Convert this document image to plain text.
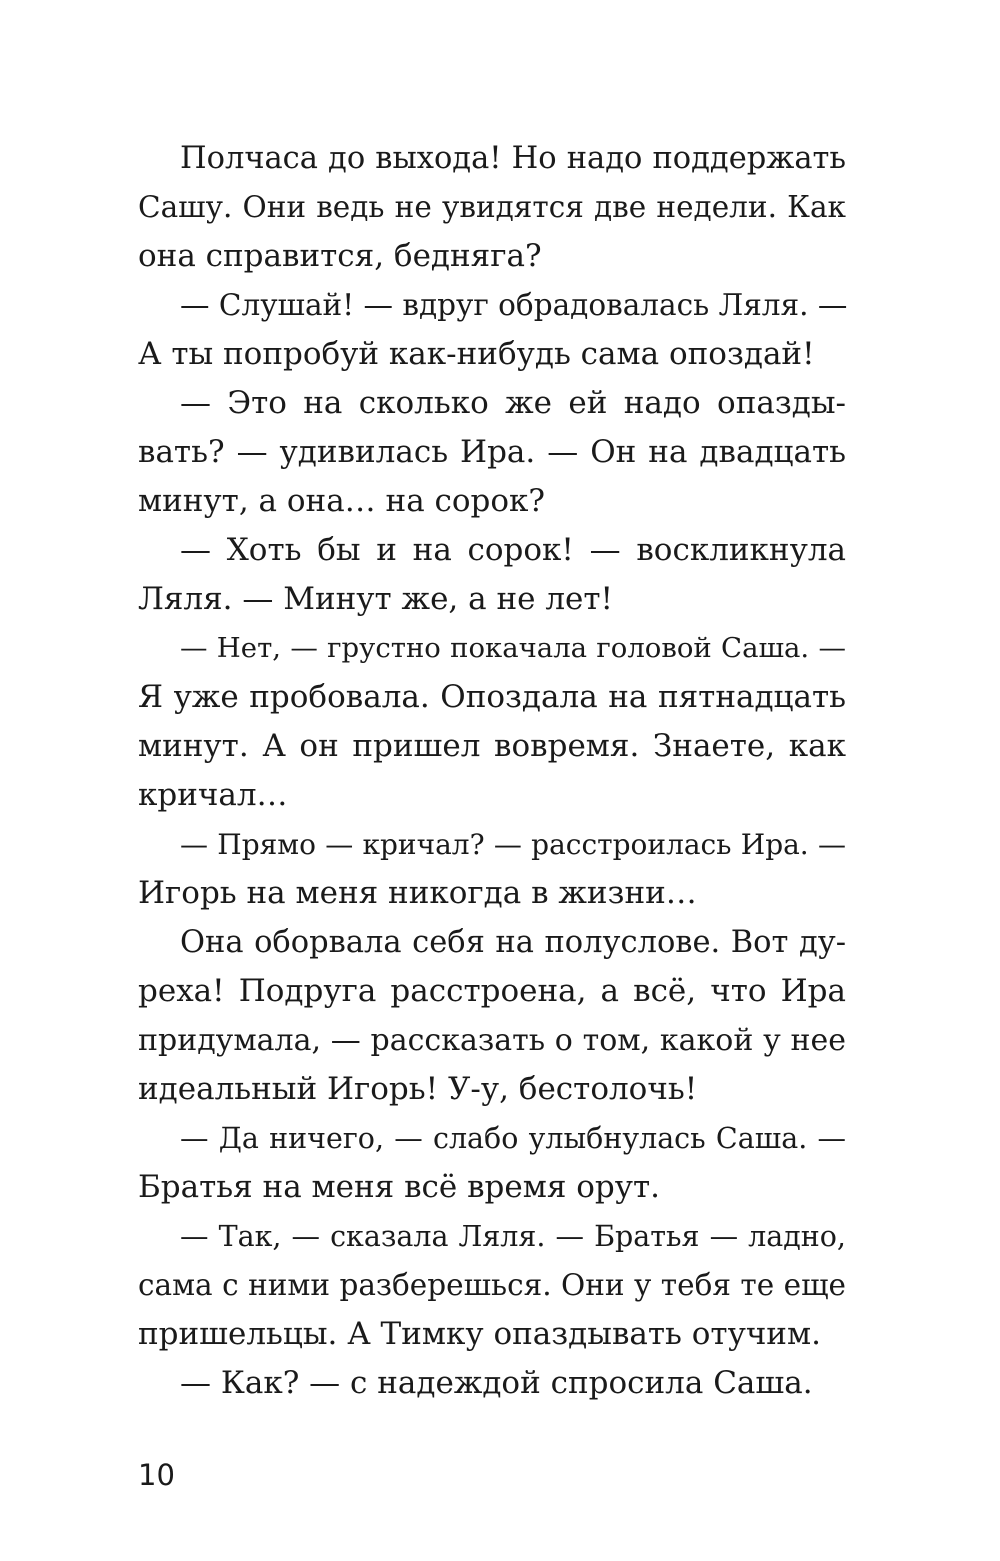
Полчаса до выхода! Но надо поддержать
Сашу. Они ведь не увидятся две недели. Как
она справится, бедняга?
— Слушай! — вдруг обрадовалась Ляля. —
А ты попробуй как-нибудь сама опоздай!
— Это на сколько же ей надо опазды-
вать? — удивилась Ира. — Он на двадцать
минут, а она… на сорок?
— Хоть бы и на сорок! — воскликнула
Ляля. — Минут же, а не лет!
— Нет, — грустно покачала головой Саша. —
Я уже пробовала. Опоздала на пятнадцать
минут. А он пришел вовремя. Знаете, как
кричал…
— Прямо — кричал? — расстроилась Ира. —
Игорь на меня никогда в жизни…
Она оборвала себя на полуслове. Вот ду-
реха! Подруга расстроена, а всё, что Ира
придумала, — рассказать о том, какой у нее
идеальный Игорь! У-у, бестолочь!
— Да ничего, — слабо улыбнулась Саша. —
Братья на меня всё время орут.
— Так, — сказала Ляля. — Братья — ладно,
сама с ними разберешься. Они у тебя те еще
пришельцы. А Тимку опаздывать отучим.
— Как? — с надеждой спросила Саша.
10
